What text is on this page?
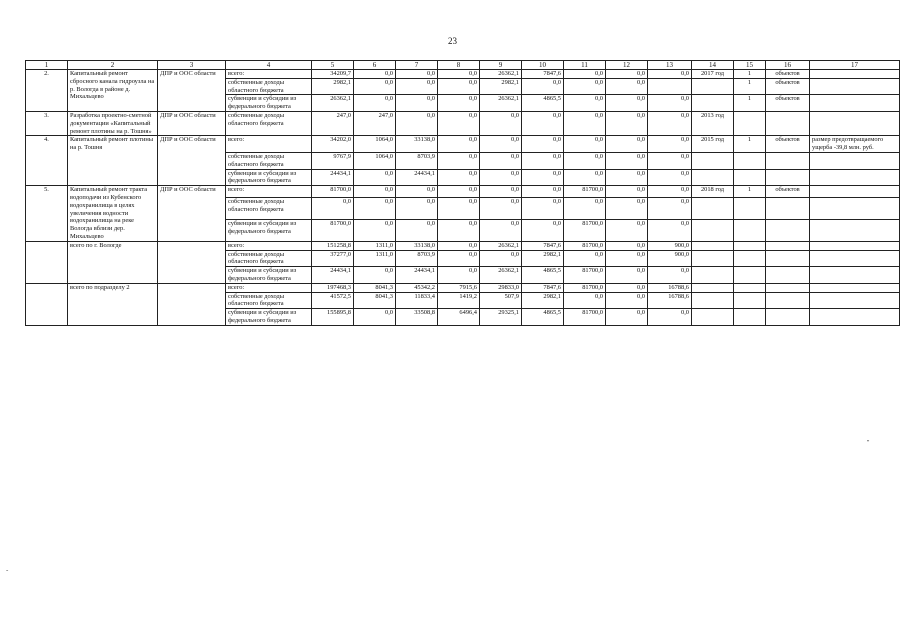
23
1	2	3	4	5	6	7	8	9	10	11	12	13	14	15	16	17
2.	Капитальный ремонт сбросного канала гидроузла на р. Вологда в районе д. Михальцево	ДПР и ООС области	всего:	34209,7	0,0	0,0	0,0	26362,1	7847,6	0,0	0,0	0,0	2017 год	1	объектов	
			собственные доходы областного бюджета	2982,1	0,0	0,0	0,0	2982,1	0,0	0,0	0,0			1	объектов	
			субвенции и субсидии из федерального бюджета	26362,1	0,0	0,0	0,0	26362,1	4865,5	0,0	0,0	0,0		1	объектов	
3.	Разработка проектно-сметной документации «Капитальный ремонт плотины на р. Тошня»	ДПР и ООС области	собственные доходы областного бюджета	247,0	247,0	0,0	0,0	0,0	0,0	0,0	0,0	0,0	2013 год			
4.	Капитальный ремонт плотины на р. Тошня	ДПР и ООС области	всего:	34202,0	1064,0	33138,0	0,0	0,0	0,0	0,0	0,0	0,0	2015 год	1	объектов	размер предотвращаемого ущерба -39,8 млн. руб.
			собственные доходы областного бюджета	9767,9	1064,0	8703,9	0,0	0,0	0,0	0,0	0,0	0,0				
			субвенции и субсидии из федерального бюджета	24434,1	0,0	24434,1	0,0	0,0	0,0	0,0	0,0	0,0				
5.	Капитальный ремонт тракта водоподачи из Кубенского водохранилища в целях увеличения водности водохранилища на реке Вологда вблизи дер. Михальцево	ДПР и ООС области	всего:	81700,0	0,0	0,0	0,0	0,0	0,0	81700,0	0,0	0,0	2018 год	1	объектов	
			собственные доходы областного бюджета	0,0	0,0	0,0	0,0	0,0	0,0	0,0	0,0	0,0				
			субвенции и субсидии из федерального бюджета	81700,0	0,0	0,0	0,0	0,0	0,0	81700,0	0,0	0,0				
	всего по г. Вологде		всего:	151258,8	1311,0	33138,0	0,0	26362,1	7847,6	81700,0	0,0	900,0				
			собственные доходы областного бюджета	37277,0	1311,0	8703,9	0,0	0,0	2982,1	0,0	0,0	900,0				
			субвенции и субсидии из федерального бюджета	24434,1	0,0	24434,1	0,0	26362,1	4865,5	81700,0	0,0	0,0				
	всего по подразделу 2		всего:	197468,3	8041,3	45342,2	7915,6	29833,0	7847,6	81700,0	0,0	16788,6				
			собственные доходы областного бюджета	41572,5	8041,3	11833,4	1419,2	507,9	2982,1	0,0	0,0	16788,6				
			субвенции и субсидии из федерального бюджета	155895,8	0,0	33508,8	6496,4	29325,1	4865,5	81700,0	0,0	0,0				
"
-
